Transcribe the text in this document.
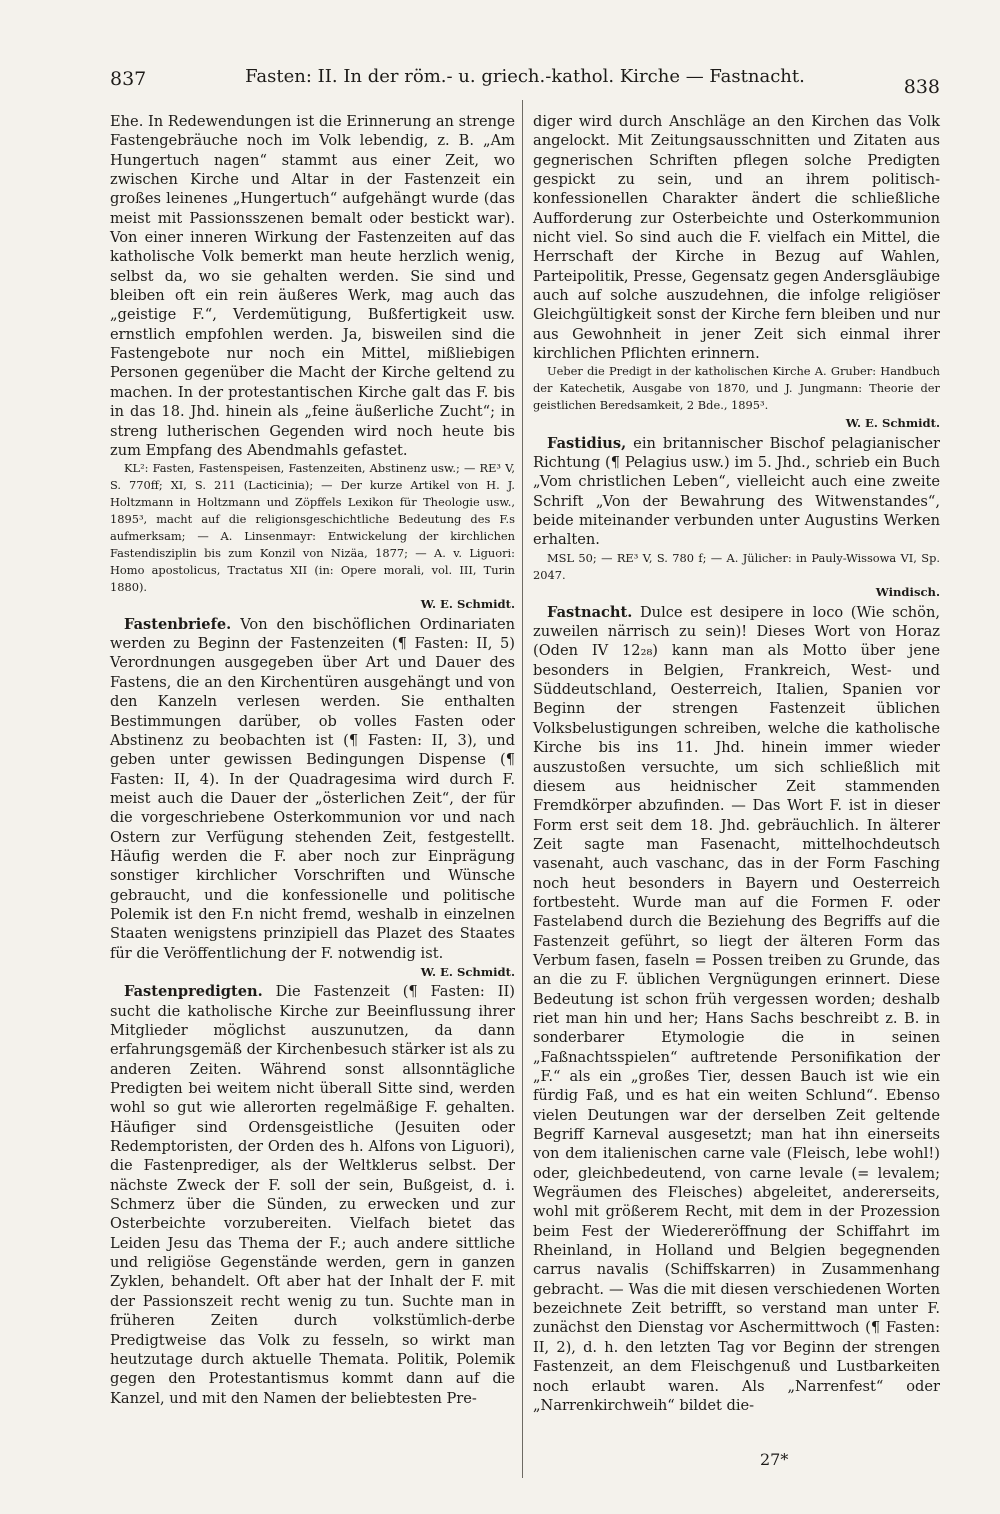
837	Fasten: II. In der röm.- u. griech.-kathol. Kirche — Fastnacht.	838

Ehe. In Redewendungen ist die Erinnerung an strenge Fastengebräuche noch im Volk lebendig, z. B. „Am Hungertuch nagen“ stammt aus einer Zeit, wo zwischen Kirche und Altar in der Fastenzeit ein großes leinenes „Hungertuch“ aufgehängt wurde (das meist mit Passionsszenen bemalt oder bestickt war). Von einer inneren Wirkung der Fastenzeiten auf das katholische Volk bemerkt man heute herzlich wenig, selbst da, wo sie gehalten werden. Sie sind und bleiben oft ein rein äußeres Werk, mag auch das „geistige F.“, Verdemütigung, Bußfertigkeit usw. ernstlich empfohlen werden. Ja, bisweilen sind die Fastengebote nur noch ein Mittel, mißliebigen Personen gegenüber die Macht der Kirche geltend zu machen. In der protestantischen Kirche galt das F. bis in das 18. Jhd. hinein als „feine äußerliche Zucht“; in streng lutherischen Gegenden wird noch heute bis zum Empfang des Abendmahls gefastet.

KL²: Fasten, Fastenspeisen, Fastenzeiten, Abstinenz usw.; — RE³ V, S. 770ff; XI, S. 211 (Lacticinia); — Der kurze Artikel von H. J. Holtzmann in Holtzmann und Zöpffels Lexikon für Theologie usw., 1895³, macht auf die religionsgeschichtliche Bedeutung des F.s aufmerksam; — A. Linsenmayr: Entwickelung der kirchlichen Fastendisziplin bis zum Konzil von Nizäa, 1877; — A. v. Liguori: Homo apostolicus, Tractatus XII (in: Opere morali, vol. III, Turin 1880).

W. E. Schmidt.

Fastenbriefe. Von den bischöflichen Ordinariaten werden zu Beginn der Fastenzeiten (¶ Fasten: II, 5) Verordnungen ausgegeben über Art und Dauer des Fastens, die an den Kirchentüren ausgehängt und von den Kanzeln verlesen werden. Sie enthalten Bestimmungen darüber, ob volles Fasten oder Abstinenz zu beobachten ist (¶ Fasten: II, 3), und geben unter gewissen Bedingungen Dispense (¶ Fasten: II, 4). In der Quadragesima wird durch F. meist auch die Dauer der „österlichen Zeit“, der für die vorgeschriebene Osterkommunion vor und nach Ostern zur Verfügung stehenden Zeit, festgestellt. Häufig werden die F. aber noch zur Einprägung sonstiger kirchlicher Vorschriften und Wünsche gebraucht, und die konfessionelle und politische Polemik ist den F.n nicht fremd, weshalb in einzelnen Staaten wenigstens prinzipiell das Plazet des Staates für die Veröffentlichung der F. notwendig ist.

W. E. Schmidt.

Fastenpredigten. Die Fastenzeit (¶ Fasten: II) sucht die katholische Kirche zur Beeinflussung ihrer Mitglieder möglichst auszunutzen, da dann erfahrungsgemäß der Kirchenbesuch stärker ist als zu anderen Zeiten. Während sonst allsonntägliche Predigten bei weitem nicht überall Sitte sind, werden wohl so gut wie allerorten regelmäßige F. gehalten. Häufiger sind Ordensgeistliche (Jesuiten oder Redemptoristen, der Orden des h. Alfons von Liguori), die Fastenprediger, als der Weltklerus selbst. Der nächste Zweck der F. soll der sein, Bußgeist, d. i. Schmerz über die Sünden, zu erwecken und zur Osterbeichte vorzubereiten. Vielfach bietet das Leiden Jesu das Thema der F.; auch andere sittliche und religiöse Gegenstände werden, gern in ganzen Zyklen, behandelt. Oft aber hat der Inhalt der F. mit der Passionszeit recht wenig zu tun. Suchte man in früheren Zeiten durch volkstümlich-derbe Predigtweise das Volk zu fesseln, so wirkt man heutzutage durch aktuelle Themata. Politik, Polemik gegen den Protestantismus kommt dann auf die Kanzel, und mit den Namen der beliebtesten Pre-

diger wird durch Anschläge an den Kirchen das Volk angelockt. Mit Zeitungsausschnitten und Zitaten aus gegnerischen Schriften pflegen solche Predigten gespickt zu sein, und an ihrem politisch-konfessionellen Charakter ändert die schließliche Aufforderung zur Osterbeichte und Osterkommunion nicht viel. So sind auch die F. vielfach ein Mittel, die Herrschaft der Kirche in Bezug auf Wahlen, Parteipolitik, Presse, Gegensatz gegen Andersgläubige auch auf solche auszudehnen, die infolge religiöser Gleichgültigkeit sonst der Kirche fern bleiben und nur aus Gewohnheit in jener Zeit sich einmal ihrer kirchlichen Pflichten erinnern.

Ueber die Predigt in der katholischen Kirche A. Gruber: Handbuch der Katechetik, Ausgabe von 1870, und J. Jungmann: Theorie der geistlichen Beredsamkeit, 2 Bde., 1895³.

W. E. Schmidt.

Fastidius, ein britannischer Bischof pelagianischer Richtung (¶ Pelagius usw.) im 5. Jhd., schrieb ein Buch „Vom christlichen Leben“, vielleicht auch eine zweite Schrift „Von der Bewahrung des Witwenstandes“, beide miteinander verbunden unter Augustins Werken erhalten.

MSL 50; — RE³ V, S. 780 f; — A. Jülicher: in Pauly-Wissowa VI, Sp. 2047.

Windisch.

Fastnacht. Dulce est desipere in loco (Wie schön, zuweilen närrisch zu sein)! Dieses Wort von Horaz (Oden IV 12₂₈) kann man als Motto über jene besonders in Belgien, Frankreich, West- und Süddeutschland, Oesterreich, Italien, Spanien vor Beginn der strengen Fastenzeit üblichen Volksbelustigungen schreiben, welche die katholische Kirche bis ins 11. Jhd. hinein immer wieder auszustoßen versuchte, um sich schließlich mit diesem aus heidnischer Zeit stammenden Fremdkörper abzufinden. — Das Wort F. ist in dieser Form erst seit dem 18. Jhd. gebräuchlich. In älterer Zeit sagte man Fasenacht, mittelhochdeutsch vasenaht, auch vaschanc, das in der Form Fasching noch heut besonders in Bayern und Oesterreich fortbesteht. Wurde man auf die Formen F. oder Fastelabend durch die Beziehung des Begriffs auf die Fastenzeit geführt, so liegt der älteren Form das Verbum fasen, faseln = Possen treiben zu Grunde, das an die zu F. üblichen Vergnügungen erinnert. Diese Bedeutung ist schon früh vergessen worden; deshalb riet man hin und her; Hans Sachs beschreibt z. B. in sonderbarer Etymologie die in seinen „Faßnachtsspielen“ auftretende Personifikation der „F.“ als ein „großes Tier, dessen Bauch ist wie ein fürdig Faß, und es hat ein weiten Schlund“. Ebenso vielen Deutungen war der derselben Zeit geltende Begriff Karneval ausgesetzt; man hat ihn einerseits von dem italienischen carne vale (Fleisch, lebe wohl!) oder, gleichbedeutend, von carne levale (= levalem; Wegräumen des Fleisches) abgeleitet, andererseits, wohl mit größerem Recht, mit dem in der Prozession beim Fest der Wiedereröffnung der Schiffahrt im Rheinland, in Holland und Belgien begegnenden carrus navalis (Schiffskarren) in Zusammenhang gebracht. — Was die mit diesen verschiedenen Worten bezeichnete Zeit betrifft, so verstand man unter F. zunächst den Dienstag vor Aschermittwoch (¶ Fasten: II, 2), d. h. den letzten Tag vor Beginn der strengen Fastenzeit, an dem Fleischgenuß und Lustbarkeiten noch erlaubt waren. Als „Narrenfest“ oder „Narrenkirchweih“ bildet die-

27*
